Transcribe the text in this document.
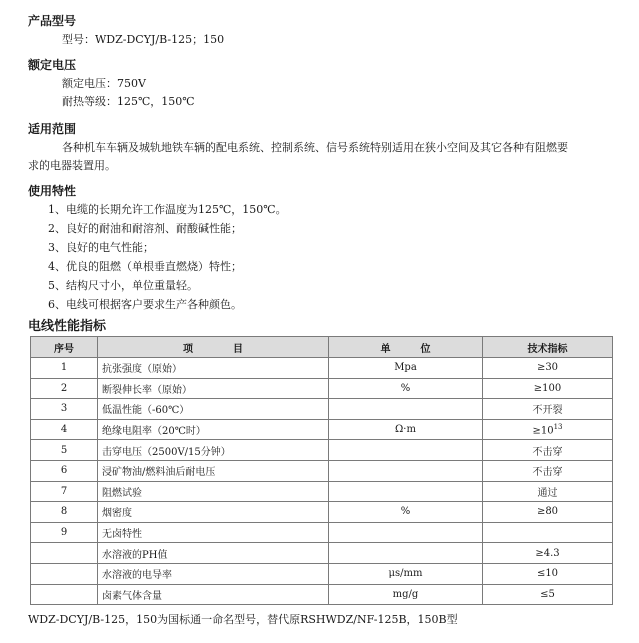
产品型号
型号：WDZ-DCYJ/B-125；150
额定电压
额定电压：750V
耐热等级：125℃，150℃
适用范围
各种机车车辆及城轨地铁车辆的配电系统、控制系统、信号系统特别适用在狭小空间及其它各种有阻燃要
求的电器装置用。
使用特性
1、电缆的长期允许工作温度为125℃，150℃。
2、良好的耐油和耐溶剂、耐酸碱性能；
3、良好的电气性能；
4、优良的阻燃（单根垂直燃烧）特性；
5、结构尺寸小，单位重量轻。
6、电线可根据客户要求生产各种颜色。
电线性能指标
序号	项　　　　目	单　　　位	技术指标
1	抗张强度（原始）	Mpa	≥30
2	断裂伸长率（原始）	%	≥100
3	低温性能（-60℃）		不开裂
4	绝缘电阻率（20℃时）	Ω·m	$\ge 10^{13}$
5	击穿电压（2500V/15分钟）		不击穿
6	浸矿物油/燃料油后耐电压		不击穿
7	阻燃试验		通过
8	烟密度	%	≥80
9	无卤特性		
	水溶液的PH值		≥4.3
	水溶液的电导率	μs/mm	≤10
	卤素气体含量	mg/g	≤5
WDZ-DCYJ/B-125，150为国标通一命名型号，替代原RSHWDZ/NF-125B，150B型
